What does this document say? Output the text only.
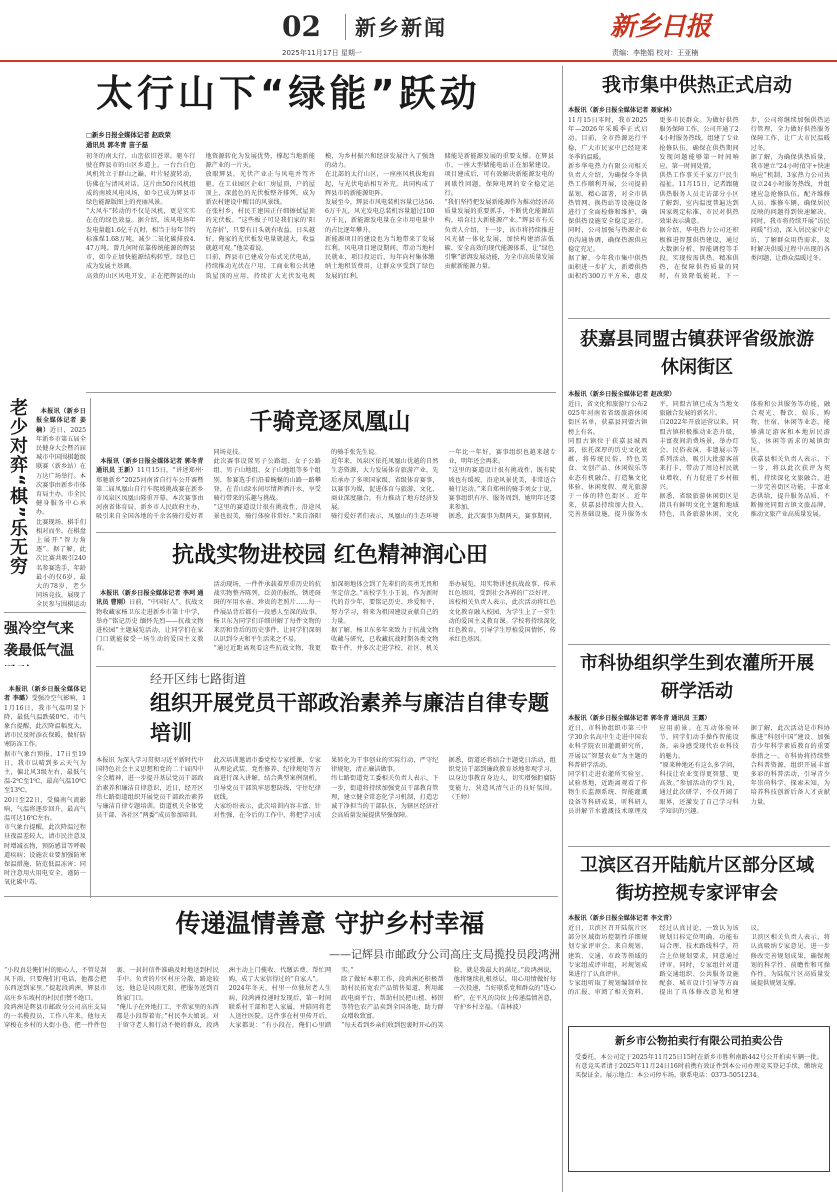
02	新乡新闻	新乡日报
2025年11月17日 星期一	责编：李艳娟 校对：王亚楠
太行山下“绿能”跃动
□新乡日报全媒体记者 赵政荣
通讯员 郭冬青 苗子磊
初冬的南太行，山峦依旧苍翠。驱车行驶在辉县市的山区乡道上，一台台白色风机耸立于群山之巅，叶片轻旋转动，仿佛在与清风对话。这片由50台风机组成的南坡风电风场，如今已成为辉县市绿色能源版图上的亮丽风景。
“大风车”转动的不仅是风机，更是实实在在的绿色效益。据介绍，该风电场年发电量超1.6亿千瓦时，相当于每年节约标准煤1.68万吨，减少二氧化碳排放4.47万吨。曾几何时依靠传统能源的辉县市，如今正加快能源结构转型，绿色已成为发展主基调。
高效的山区风电开发，正在把辉县的山地资源转化为发展优势，撑起当地新能源产业的一片天。
放眼辉县，光伏产业正与风电并驾齐驱。在工业园区企业厂房屋顶，户的屋顶上，深蓝色的光伏板整齐排列，成为新农村建设中醒目的风景线。
在张村乡，村民王建国正仔细擦拭屋顶的光伏板。“这些板子可是我们家的‘阳光存折’，只要有日头就有收益，日头越好，俺家的光伏板发电量就越大，收益就越可观。”他笑着说。
目前，辉县市已建成分布式光伏电站，持续推动光伏在户用、工商业和公共建筑屋顶的应用，持续扩大光伏发电规模，为乡村振兴和经济发展注入了强劲的动力。
在北部的太行山区，一座座风机拔地而起，与光伏电站相互补充，共同构成了辉县市的新能源矩阵。
发展至今，辉县市风电装机容量已达56.6万千瓦，风光发电总装机容量超过100万千瓦，新能源发电量在全市用电量中的占比逐年攀升。
新能源项目的建设也为当地带来了发展红利。风电项目建设期间，带动当地村民就业，项目投运后，每年向村集体缴纳土地租赁费用，让群众享受到了绿色发展的红利。
储能是新能源发展的重要支撑。在辉县市，一座大型储能电站正在加紧建设。项目建成后，可有效解决新能源发电的间歇性问题，保障电网的安全稳定运行。
“我们坚持把发展新能源作为推动经济高质量发展的重要抓手，不断优化能源结构，培育壮大新能源产业。”辉县市有关负责人介绍，下一步，该市将持续推进风光储一体化发展，加快构建清洁低碳、安全高效的现代能源体系，让“绿色引擎”澎湃发展动能，为全市高质量发展贡献新能源力量。
我市集中供热正式启动
本报讯（新乡日报全媒体记者 聂家林）
11月15日零时，我市2025年—2026年采暖季正式启动。目前，全市热源运行平稳，广大市民家中已经迎来冬季的温暖。
新乡华电热力有限公司相关负责人介绍，为确保今冬供热工作顺利开展，公司提前谋划、精心部署，对全市供热管网、换热站等设施设备进行了全面检修和维护，确保供热设施安全稳定运行。同时，公司加强与热源企业的沟通协调，确保热源供应稳定充足。
据了解，今年我市集中供热面积进一步扩大，新增供热面积约300万平方米，惠及更多市民群众。为做好供热服务保障工作，公司开通了24小时服务热线，组建了专业抢修队伍，确保在供热期间发现问题能够第一时间响应、第一时间处置。
供热工作事关千家万户民生福祉。11月15日，记者跟随供热服务人员走访部分小区了解到，室内温度普遍达到国家规定标准，市民对供热效果表示满意。
据介绍，华电热力公司还积极推进智慧供热建设，通过大数据分析、智能调控等手段，实现按需供热、精准供热，在保障供热质量的同时，有效降低能耗。下一步，公司将继续加强供热运行管理，全力做好供热服务保障工作，让广大市民温暖过冬。
据了解，为确保供热质量，我市建立“24小时值守+快速响应”机制，3家热力公司共设立24小时服务热线，并组建应急抢修队伍，配齐维修人员、维修车辆，确保居民反映的问题得到快速解决。同时，我市将持续开展“访民问暖”行动，深入居民家中走访，了解群众用热需求，及时解决供暖过程中出现的各类问题，让群众温暖过冬。
获嘉县同盟古镇获评省级旅游休闲街区
本报讯（新乡日报全媒体记者 赵改荣）
近日，省文化和旅游厅公布2025年河南省省级旅游休闲街区名单，获嘉县同盟古镇榜上有名。
同盟古镇位于获嘉县城西部，依托深厚的历史文化底蕴，将传统民俗、特色美食、文创产品、休闲娱乐等业态有机融合，打造集文化体验、休闲度假、观光旅游于一体的特色街区。近年来，获嘉县持续加大投入，完善基础设施，提升服务水平，同盟古镇已成为当地文旅融合发展的新名片。
自2022年开放运营以来，同盟古镇积极推动业态升级，丰富夜间消费场景，举办灯会、民俗表演、非遗展示等系列活动，吸引大批游客前来打卡，带动了周边村民就业增收，有力促进了乡村振兴。
据悉，省级旅游休闲街区是指具有鲜明文化主题和地域特色，具备旅游休闲、文化体验和公共服务等功能，融合观光、餐饮、娱乐、购物、住宿、休闲等业态，能够满足游客和本地居民游览、休闲等需求的城镇街区。
获嘉县相关负责人表示，下一步，将以此次获评为契机，持续深化文旅融合，进一步完善街区功能，丰富业态供给，提升服务品质，不断擦亮同盟古镇文旅品牌，推动文旅产业高质量发展。
市科协组织学生到农灌所开展研学活动
本报讯（新乡日报全媒体记者 郭冬青 通讯员 王露）
近日，市科协组织市第三中学30余名高中生走进中国农业科学院农田灌溉研究所，开展以“智慧农业”为主题的科普研学活动。
同学们走进农灌所实验室、试验基地，近距离观看了作物生长监测系统、智能灌溉设备等科研成果，听科研人员讲解节水灌溉技术原理及应用前景。在互动体验环节，同学们动手操作智能设备，亲身感受现代农业科技的魅力。
“原来种地还有这么多学问，科技让农业变得更智慧、更高效。”参加活动的学生说，通过此次研学，不仅开阔了眼界，还激发了自己学习科学知识的兴趣。
据了解，此次活动是市科协推进“科创中国”建设、加强青少年科学素质教育的重要举措之一。市科协将持续整合科普资源，组织开展丰富多彩的科普活动，引导青少年崇尚科学、探索未知，为培养科技创新后备人才贡献力量。
卫滨区召开陆航片区部分区域街坊控规专家评审会
本报讯（新乡日报全媒体记者 李文青）
近日，卫滨区召开陆航片区部分区域街坊控制性详细规划专家评审会。来自规划、建筑、交通、市政等领域的专家组成评审组，对规划成果进行了认真评审。
专家组听取了规划编制单位的汇报，审阅了相关资料，经过认真讨论，一致认为该规划目标定位明确、功能布局合理、技术路线科学，符合上位规划要求，同意通过评审。同时，专家组针对道路交通组织、公共服务设施配套、城市设计引导等方面提出了具体修改意见和建议。
卫滨区相关负责人表示，将认真吸纳专家意见，进一步修改完善规划成果，确保规划的科学性、前瞻性和可操作性，为陆航片区高质量发展提供规划支撑。
新乡市公物拍卖行有限公司拍卖公告
受委托，本公司定于2025年11月25日15时在新乡市胜利南路442号公开拍卖车辆一批。有意竞买者请于2025年11月24日16时前携有效证件到本公司办理竞买登记手续，缴纳竞买保证金。展示地点：本公司停车场。联系电话：0373-5051234。
老少对弈“棋”乐无穷	本报讯（新乡日报全媒体记者 姜楠）近日，2025年新乡市第五届全民健身大会暨首届城市中国围棋超级联赛（新乡站）在万达广场举行。本次赛事由新乡市体育局主办，市全民健身服务中心承办。
比赛现场，棋手们相对而坐，在棋盘上展开“智力角逐”。据了解，此次比赛共吸引240名参赛选手，年龄最小的仅6岁，最大的78岁，老少同场竞技，展现了全民参与围棋运动

强冷空气来袭最低气温

本报讯（新乡日报全媒体记者 李璐）受强冷空气影响，11月16日，我市气温明显下降，最低气温跌破0℃。市气象台提醒，此次降温幅度大，请市民及时添衣保暖，做好防寒防冻工作。
据市气象台预报，17日至19日，我市以晴到多云天气为主，偏北风3级左右，最低气温-2℃至1℃，最高气温10℃至13℃。
20日至22日，受偏南气流影响，气温将逐步回升，最高气温可达16℃左右。
市气象台提醒，此次降温过程昼夜温差较大，请市民注意及时增减衣物，预防感冒等呼吸道疾病；设施农业要加强防寒保温措施，防范低温冻害；同时注意用火用电安全，谨防一氧化碳中毒。

千骑竞逐凤凰山

本报讯（新乡日报全媒体记者 郭冬青 通讯员 王新）11月15日，“讲述郑州·郑驰新乡”2025河南省自行车公开赛暨第二届凤凰山自行车爬坡挑战赛在新乡市凤泉区凤凰山隆重开幕。本次赛事由河南省体育局、新乡市人民政府主办，吸引来自全国各地的千余名骑行爱好者同场竞技。
此次赛事设置男子公路组、女子公路组、男子山地组、女子山地组等多个组别，参赛选手们沿着蜿蜒的山路一路攀登，在青山绿水间尽情挥洒汗水，享受骑行带来的乐趣与挑战。
“这里的赛道设计很有挑战性，沿途风景也很美，骑行体验非常好。”来自洛阳的骑手张先生说。
近年来，凤泉区依托凤凰山优越的自然生态资源，大力发展体育旅游产业，先后承办了多项国家级、省级体育赛事，以赛事为媒，促进体育与旅游、文化、商业深度融合，有力推动了地方经济发展。
骑行爱好者们表示，凤凰山的生态环境一年比一年好，赛事组织也越来越专业，明年还会再来。
“这里的赛道设计很有挑战性，既有陡坡也有缓坡，沿途风景优美，非常适合骑行运动。”来自郑州的骑手刘女士说，赛事组织有序、服务周到，她明年还要来参加。
据悉，此次赛事为期两天，赛事期间，

抗战实物进校园 红色精神润心田

本报讯（新乡日报全媒体记者 李珂 通讯员 曹刚）日前，“中国好人”、抗战文物收藏家杨卫东走进新乡市第十中学，举办“铭记历史 缅怀先烈——抗战文物进校园”主题展览活动，让同学们在家门口就能接受一场生动的爱国主义教育。
活动现场，一件件承载着厚重历史的抗战实物整齐陈列，泛黄的报纸、锈迹斑斑的军用水壶、珍贵的老照片……每一件展品背后都有一段感人至深的故事。杨卫东为同学们详细讲解了每件文物的来历和背后的历史事件，让同学们深刻认识到今天和平生活来之不易。
“通过近距离观看这些抗战文物，我更加深刻地体会到了先辈们的英勇无畏和坚定信念。”该校学生小王说，作为新时代的青少年，要铭记历史、珍爱和平，努力学习，将来为祖国建设贡献自己的力量。
据了解，杨卫东多年来致力于抗战文物收藏与研究，已收藏抗战时期各类文物数千件，并多次走进学校、社区、机关举办展览，用实物讲述抗战故事，传承红色基因，受到社会各界的广泛好评。
该校相关负责人表示，此次活动将红色文化教育融入校园，为学生上了一堂生动的爱国主义教育课。学校将持续深化红色教育，引导学生厚植爱国情怀，传承红色基因。

经开区纬七路街道
组织开展党员干部政治素养与廉洁自律专题培训
本报讯 为深入学习贯彻习近平新时代中国特色社会主义思想和党的二十届四中全会精神，进一步提升基层党员干部政治素养和廉洁自律意识，近日，经开区纬七路街道组织开展党员干部政治素养与廉洁自律专题培训。街道机关全体党员干部、各社区“两委”成员参加培训。
此次培训邀请市委党校专家授课，专家从理论武装、党性修养、纪律规矩等方面进行深入讲解，结合典型案例剖析，引导党员干部筑牢思想防线，守住纪律底线。
大家纷纷表示，此次培训内容丰富、针对性强，在今后的工作中，将把学习成果转化为干事创业的实际行动，严守纪律规矩，清正廉洁做事。
纬七路街道党工委相关负责人表示，下一步，街道将持续加强党员干部教育管理，建立健全常态化学习机制，打造忠诚干净担当的干部队伍，为辖区经济社会高质量发展提供坚强保障。
据悉，街道还将结合主题党日活动，组织党员干部到廉政教育基地参观学习，以身边事教育身边人，切实增强拒腐防变能力，营造风清气正的良好氛围。（王婷）
传递温情善意 守护乡村幸福
——记辉县市邮政分公司高庄支局揽投员段鸿洲
“小段真是俺们村的贴心人，不管是刮风下雨，只要俺们打电话，他都会把东西送到家里。”提起段鸿洲，辉县市高庄乡东坡村的村民们赞不绝口。
段鸿洲是辉县市邮政分公司高庄支局的一名揽投员，工作八年来，他每天穿梭在乡村的大街小巷，把一件件包裹、一封封信件准确及时地送到村民手中。负责的片区村庄分散、路途较远，他总是风雨无阻，把服务送到百姓家门口。
“俺儿子在外地打工，平常家里的东西都是小段帮着寄。”村民李大娘说。对于留守老人和行动不便的群众，段鸿洲主动上门揽收、代缴话费、帮忙网购，成了大家信得过的“自家人”。
2024年冬天，村里一位独居老人生病，段鸿洲投递时发现后，第一时间联系村干部和老人家属，并陪同将老人送往医院。这件事在村里传开后，大家都说：“有小段在，俺们心里踏实。”
除了做好本职工作，段鸿洲还积极帮助村民拓宽农产品销售渠道，利用邮政电商平台，帮助村民把山楂、柿饼等特色农产品卖到全国各地，助力群众增收致富。
“每天看到乡亲们收到包裹时开心的笑脸，就是我最大的满足。”段鸿洲说，他将继续扎根基层，用心用情做好每一次投递，当好联系党和群众的“连心桥”，在平凡的岗位上传递温情善意，守护乡村幸福。（苗林波）
